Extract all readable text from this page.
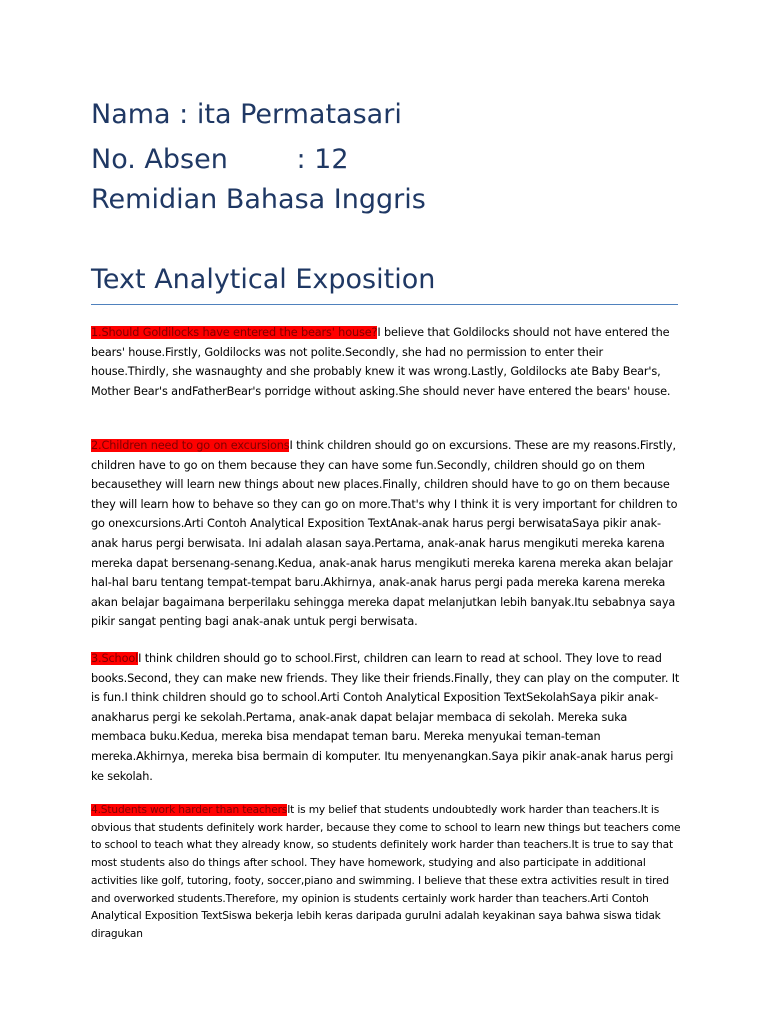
Nama : ita Permatasari
No. Absen        : 12
Remidian Bahasa Inggris
Text Analytical Exposition
1.Should Goldilocks have entered the bears' house?I believe that Goldilocks should not have entered the bears' house.Firstly, Goldilocks was not polite.Secondly, she had no permission to enter their house.Thirdly, she wasnaughty and she probably knew it was wrong.Lastly, Goldilocks ate Baby Bear's, Mother Bear's andFatherBear's porridge without asking.She should never have entered the bears' house.
2.Children need to go on excursionsI think children should go on excursions. These are my reasons.Firstly, children have to go on them because they can have some fun.Secondly, children should go on them becausethey will learn new things about new places.Finally, children should have to go on them because they will learn how to behave so they can go on more.That's why I think it is very important for children to go onexcursions.Arti Contoh Analytical Exposition TextAnak-anak harus pergi berwisataSaya pikir anak-anak harus pergi berwisata. Ini adalah alasan saya.Pertama, anak-anak harus mengikuti mereka karena mereka dapat bersenang-senang.Kedua, anak-anak harus mengikuti mereka karena mereka akan belajar hal-hal baru tentang tempat-tempat baru.Akhirnya, anak-anak harus pergi pada mereka karena mereka akan belajar bagaimana berperilaku sehingga mereka dapat melanjutkan lebih banyak.Itu sebabnya saya pikir sangat penting bagi anak-anak untuk pergi berwisata.
3.SchoolI think children should go to school.First, children can learn to read at school. They love to read books.Second, they can make new friends. They like their friends.Finally, they can play on the computer. It is fun.I think children should go to school.Arti Contoh Analytical Exposition TextSekolahSaya pikir anak-anakharus pergi ke sekolah.Pertama, anak-anak dapat belajar membaca di sekolah. Mereka suka membaca buku.Kedua, mereka bisa mendapat teman baru. Mereka menyukai teman-teman mereka.Akhirnya, mereka bisa bermain di komputer. Itu menyenangkan.Saya pikir anak-anak harus pergi ke sekolah.
4.Students work harder than teachersIt is my belief that students undoubtedly work harder than teachers.It is obvious that students definitely work harder, because they come to school to learn new things but teachers come to school to teach what they already know, so students definitely work harder than teachers.It is true to say that most students also do things after school. They have homework, studying and also participate in additional activities like golf, tutoring, footy, soccer,piano and swimming. I believe that these extra activities result in tired and overworked students.Therefore, my opinion is students certainly work harder than teachers.Arti Contoh Analytical Exposition TextSiswa bekerja lebih keras daripada guruIni adalah keyakinan saya bahwa siswa tidak diragukan
